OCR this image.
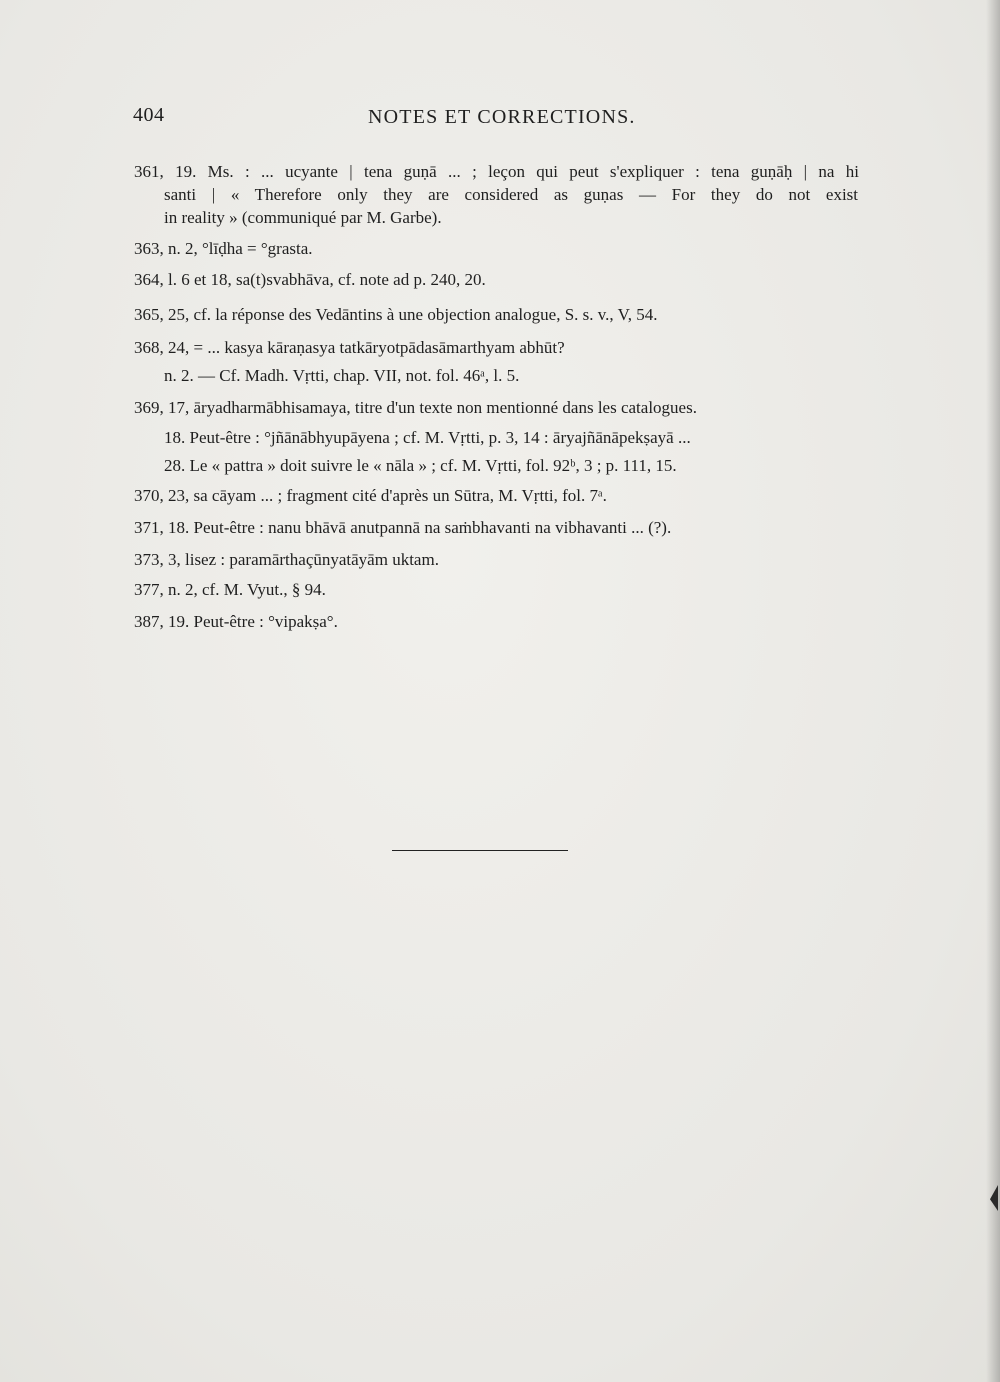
404	NOTES ET CORRECTIONS.
361, 19. Ms. : ... ucyante | tena guṇā ... ; leçon qui peut s'expliquer : tena guṇāḥ | na hi
santi | « Therefore only they are considered as guṇas — For they do not exist
in reality » (communiqué par M. Garbe).
363, n. 2, °līḍha = °grasta.
364, l. 6 et 18, sa(t)svabhāva, cf. note ad p. 240, 20.
365, 25, cf. la réponse des Vedāntins à une objection analogue, S. s. v., V, 54.
368, 24, = ... kasya kāraṇasya tatkāryotpādasāmarthyam abhūt?
n. 2. — Cf. Madh. Vṛtti, chap. VII, not. fol. 46ᵃ, l. 5.
369, 17, āryadharmābhisamaya, titre d'un texte non mentionné dans les catalogues.
18. Peut-être : °jñānābhyupāyena ; cf. M. Vṛtti, p. 3, 14 : āryajñānāpekṣayā ...
28. Le « pattra » doit suivre le « nāla » ; cf. M. Vṛtti, fol. 92ᵇ, 3 ; p. 111, 15.
370, 23, sa cāyam ... ; fragment cité d'après un Sūtra, M. Vṛtti, fol. 7ᵃ.
371, 18. Peut-être : nanu bhāvā anutpannā na saṁbhavanti na vibhavanti ... (?).
373, 3, lisez : paramārthaçūnyatāyām uktam.
377, n. 2, cf. M. Vyut., § 94.
387, 19. Peut-être : °vipakṣa°.
